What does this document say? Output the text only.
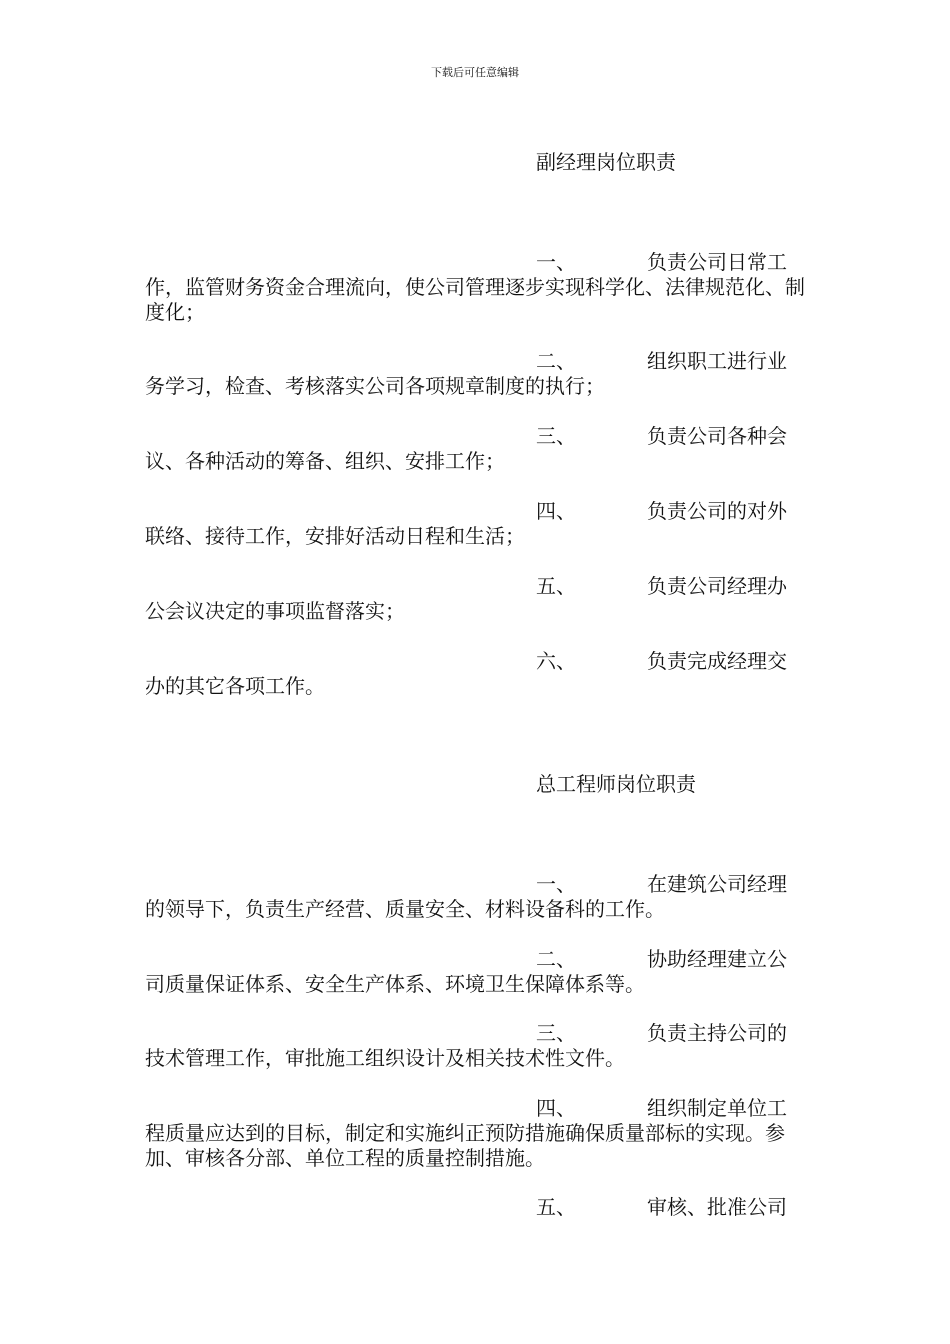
下载后可任意编辑
副经理岗位职责
一、	负责公司日常工
作，监管财务资金合理流向，使公司管理逐步实现科学化、法律规范化、制度化；
二、	组织职工进行业
务学习，检查、考核落实公司各项规章制度的执行；
三、	负责公司各种会
议、各种活动的筹备、组织、安排工作；
四、	负责公司的对外
联络、接待工作，安排好活动日程和生活；
五、	负责公司经理办
公会议决定的事项监督落实；
六、	负责完成经理交
办的其它各项工作。
总工程师岗位职责
一、	在建筑公司经理
的领导下，负责生产经营、质量安全、材料设备科的工作。
二、	协助经理建立公
司质量保证体系、安全生产体系、环境卫生保障体系等。
三、	负责主持公司的
技术管理工作，审批施工组织设计及相关技术性文件。
四、	组织制定单位工
程质量应达到的目标，制定和实施纠正预防措施确保质量部标的实现。参加、审核各分部、单位工程的质量控制措施。
五、	审核、批准公司
